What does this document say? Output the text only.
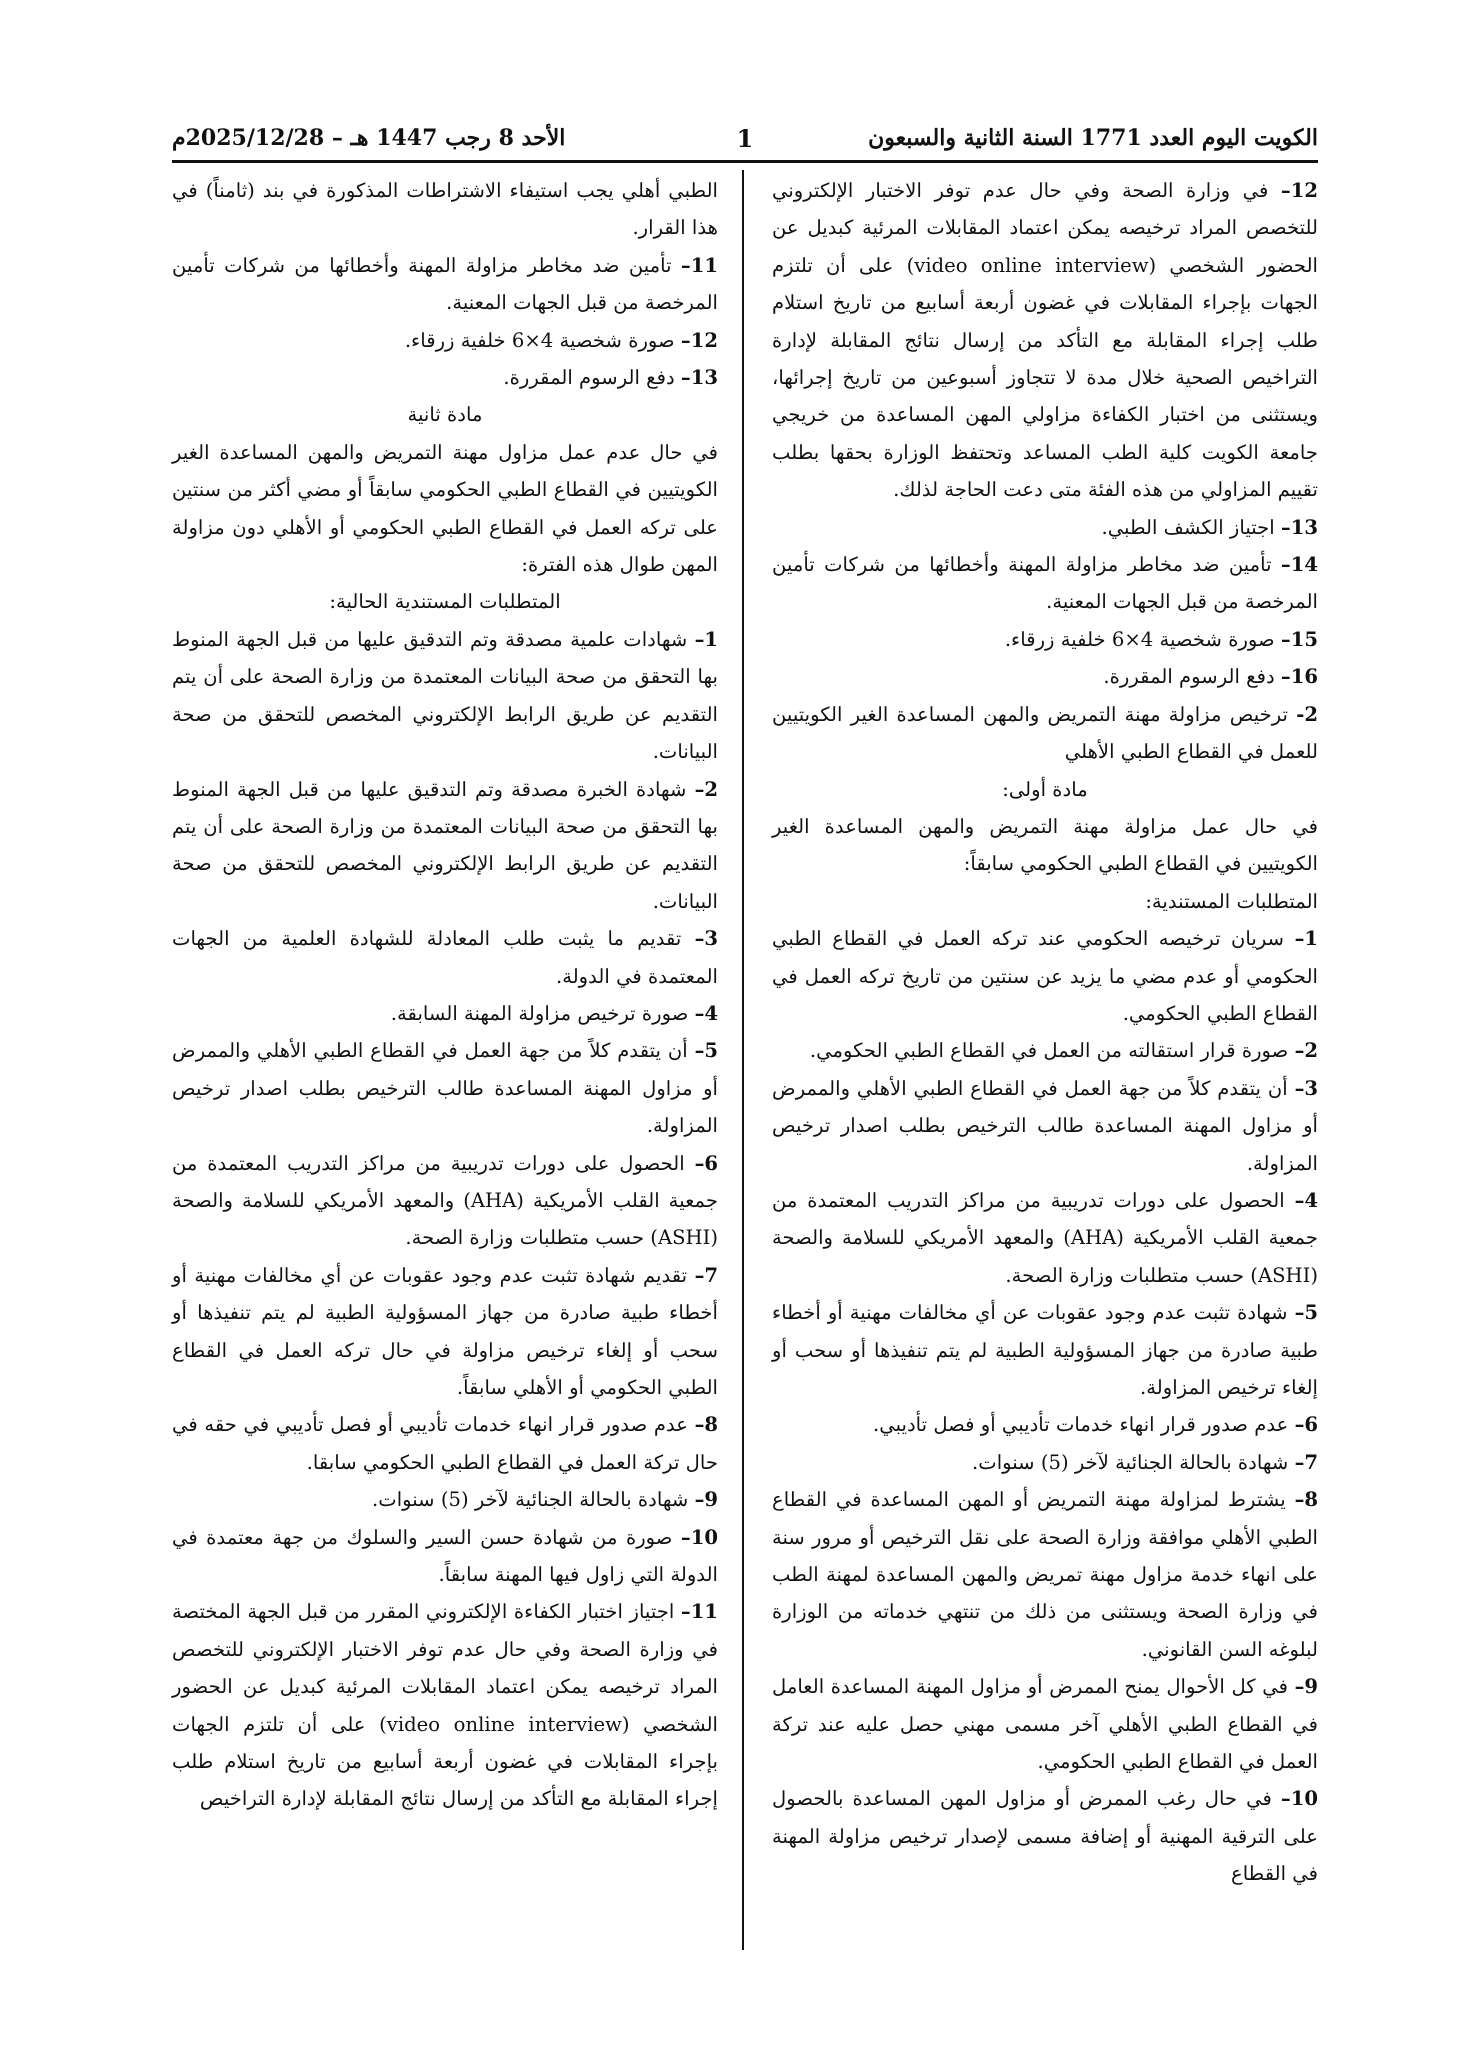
الأحد 8 رجب 1447 هـ – 2025/12/28م	1	الكويت اليوم العدد 1771 السنة الثانية والسبعون

12– في وزارة الصحة وفي حال عدم توفر الاختبار الإلكتروني للتخصص المراد ترخيصه يمكن اعتماد المقابلات المرئية كبديل عن الحضور الشخصي (video online interview) على أن تلتزم الجهات بإجراء المقابلات في غضون أربعة أسابيع من تاريخ استلام طلب إجراء المقابلة مع التأكد من إرسال نتائج المقابلة لإدارة التراخيص الصحية خلال مدة لا تتجاوز أسبوعين من تاريخ إجرائها، ويستثنى من اختبار الكفاءة مزاولي المهن المساعدة من خريجي جامعة الكويت كلية الطب المساعد وتحتفظ الوزارة بحقها بطلب تقييم المزاولي من هذه الفئة متى دعت الحاجة لذلك.

13– اجتياز الكشف الطبي.

14– تأمين ضد مخاطر مزاولة المهنة وأخطائها من شركات تأمين المرخصة من قبل الجهات المعنية.

15– صورة شخصية 4×6 خلفية زرقاء.

16– دفع الرسوم المقررة.

2- ترخيص مزاولة مهنة التمريض والمهن المساعدة الغير الكويتيين للعمل في القطاع الطبي الأهلي

مادة أولى:

في حال عمل مزاولة مهنة التمريض والمهن المساعدة الغير الكويتيين في القطاع الطبي الحكومي سابقاً:

المتطلبات المستندية:

1– سريان ترخيصه الحكومي عند تركه العمل في القطاع الطبي الحكومي أو عدم مضي ما يزيد عن سنتين من تاريخ تركه العمل في القطاع الطبي الحكومي.

2– صورة قرار استقالته من العمل في القطاع الطبي الحكومي.

3– أن يتقدم كلاً من جهة العمل في القطاع الطبي الأهلي والممرض أو مزاول المهنة المساعدة طالب الترخيص بطلب اصدار ترخيص المزاولة.

4– الحصول على دورات تدريبية من مراكز التدريب المعتمدة من جمعية القلب الأمريكية (AHA) والمعهد الأمريكي للسلامة والصحة (ASHI) حسب متطلبات وزارة الصحة.

5– شهادة تثبت عدم وجود عقوبات عن أي مخالفات مهنية أو أخطاء طبية صادرة من جهاز المسؤولية الطبية لم يتم تنفيذها أو سحب أو إلغاء ترخيص المزاولة.

6– عدم صدور قرار انهاء خدمات تأديبي أو فصل تأديبي.

7– شهادة بالحالة الجنائية لآخر (5) سنوات.

8– يشترط لمزاولة مهنة التمريض أو المهن المساعدة في القطاع الطبي الأهلي موافقة وزارة الصحة على نقل الترخيص أو مرور سنة على انهاء خدمة مزاول مهنة تمريض والمهن المساعدة لمهنة الطب في وزارة الصحة ويستثنى من ذلك من تنتهي خدماته من الوزارة لبلوغه السن القانوني.

9– في كل الأحوال يمنح الممرض أو مزاول المهنة المساعدة العامل في القطاع الطبي الأهلي آخر مسمى مهني حصل عليه عند تركة العمل في القطاع الطبي الحكومي.

10– في حال رغب الممرض أو مزاول المهن المساعدة بالحصول على الترقية المهنية أو إضافة مسمى لإصدار ترخيص مزاولة المهنة في القطاع

الطبي أهلي يجب استيفاء الاشتراطات المذكورة في بند (ثامناً) في هذا القرار.

11– تأمين ضد مخاطر مزاولة المهنة وأخطائها من شركات تأمين المرخصة من قبل الجهات المعنية.

12– صورة شخصية 4×6 خلفية زرقاء.

13– دفع الرسوم المقررة.

مادة ثانية

في حال عدم عمل مزاول مهنة التمريض والمهن المساعدة الغير الكويتيين في القطاع الطبي الحكومي سابقاً أو مضي أكثر من سنتين على تركه العمل في القطاع الطبي الحكومي أو الأهلي دون مزاولة المهن طوال هذه الفترة:

المتطلبات المستندية الحالية:

1– شهادات علمية مصدقة وتم التدقيق عليها من قبل الجهة المنوط بها التحقق من صحة البيانات المعتمدة من وزارة الصحة على أن يتم التقديم عن طريق الرابط الإلكتروني المخصص للتحقق من صحة البيانات.

2– شهادة الخبرة مصدقة وتم التدقيق عليها من قبل الجهة المنوط بها التحقق من صحة البيانات المعتمدة من وزارة الصحة على أن يتم التقديم عن طريق الرابط الإلكتروني المخصص للتحقق من صحة البيانات.

3– تقديم ما يثبت طلب المعادلة للشهادة العلمية من الجهات المعتمدة في الدولة.

4– صورة ترخيص مزاولة المهنة السابقة.

5– أن يتقدم كلاً من جهة العمل في القطاع الطبي الأهلي والممرض أو مزاول المهنة المساعدة طالب الترخيص بطلب اصدار ترخيص المزاولة.

6– الحصول على دورات تدريبية من مراكز التدريب المعتمدة من جمعية القلب الأمريكية (AHA) والمعهد الأمريكي للسلامة والصحة (ASHI) حسب متطلبات وزارة الصحة.

7– تقديم شهادة تثبت عدم وجود عقوبات عن أي مخالفات مهنية أو أخطاء طبية صادرة من جهاز المسؤولية الطبية لم يتم تنفيذها أو سحب أو إلغاء ترخيص مزاولة في حال تركه العمل في القطاع الطبي الحكومي أو الأهلي سابقاً.

8– عدم صدور قرار انهاء خدمات تأديبي أو فصل تأديبي في حقه في حال تركة العمل في القطاع الطبي الحكومي سابقا.

9– شهادة بالحالة الجنائية لآخر (5) سنوات.

10– صورة من شهادة حسن السير والسلوك من جهة معتمدة في الدولة التي زاول فيها المهنة سابقاً.

11– اجتياز اختبار الكفاءة الإلكتروني المقرر من قبل الجهة المختصة في وزارة الصحة وفي حال عدم توفر الاختبار الإلكتروني للتخصص المراد ترخيصه يمكن اعتماد المقابلات المرئية كبديل عن الحضور الشخصي (video online interview) على أن تلتزم الجهات بإجراء المقابلات في غضون أربعة أسابيع من تاريخ استلام طلب إجراء المقابلة مع التأكد من إرسال نتائج المقابلة لإدارة التراخيص
